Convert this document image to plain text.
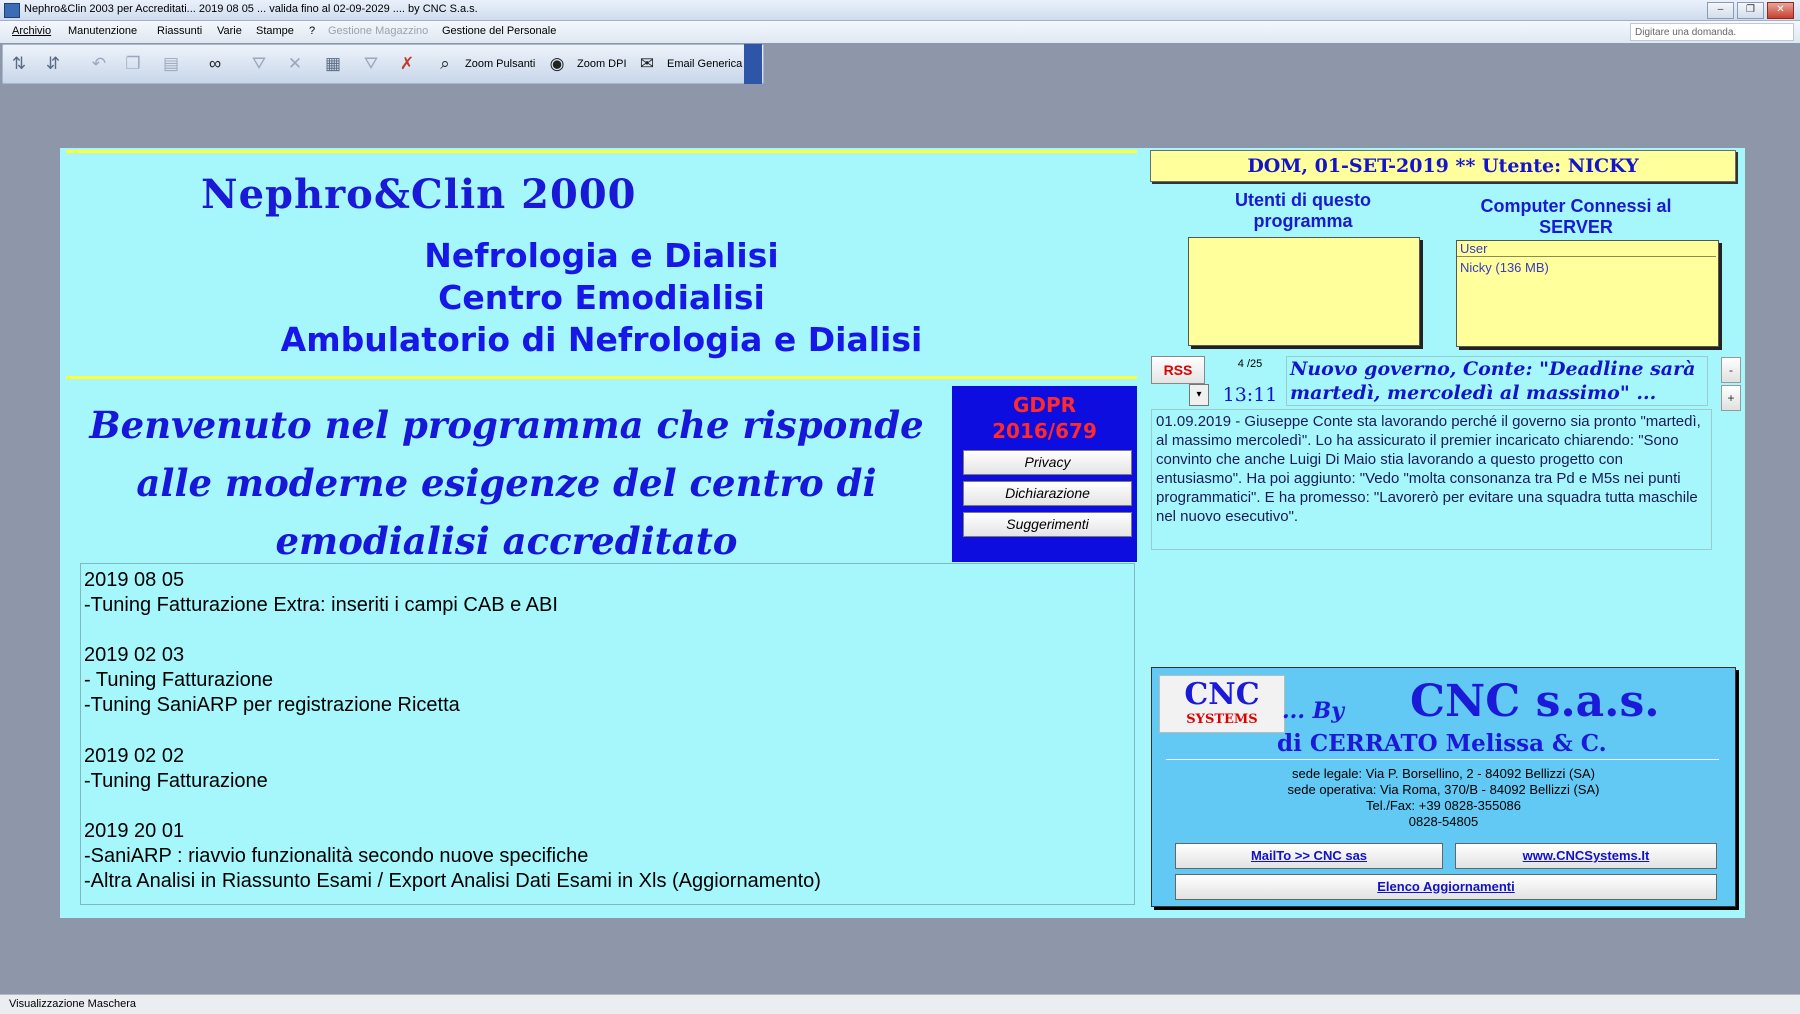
Nephro&Clin 2003 per Accreditati... 2019 08 05 ... valida fino al 02-09-2029 .... by CNC S.a.s.	‒	❐	✕
Archivio Manutenzione Riassunti Varie Stampe ? Gestione Magazzino Gestione del Personale	Digitare una domanda.
⇅ ⇵ ↶ ❐ ▤	∞	⛛ ✕ ▦ ⛛ ✗	⌕	Zoom Pulsanti ◉	Zoom DPI ✉	Email Generica
Nephro&Clin 2000
Nefrologia e Dialisi
Centro Emodialisi
Ambulatorio di Nefrologia e Dialisi
Benvenuto nel programma che risponde alle moderne esigenze del centro di emodialisi accreditato
GDPR
2016/679
Privacy
Dichiarazione
Suggerimenti
2019 08 05
-Tuning Fatturazione Extra: inseriti i campi CAB e ABI
2019 02 03
- Tuning Fatturazione
-Tuning SaniARP per registrazione Ricetta
2019 02 02
-Tuning Fatturazione
2019 20 01
-SaniARP : riavvio funzionalità secondo nuove specifiche
-Altra Analisi in Riassunto Esami / Export Analisi Dati Esami in Xls (Aggiornamento)
DOM, 01-SET-2019 ** Utente: NICKY
Utenti di questo programma
Computer Connessi al SERVER
User
Nicky (136 MB)
RSS
▾
4 /25
13:11
Nuovo governo, Conte: "Deadline sarà martedì, mercoledì al massimo" ...
-
+
01.09.2019 - Giuseppe Conte sta lavorando perché il governo sia pronto "martedì, al massimo mercoledì". Lo ha assicurato il premier incaricato chiarendo: "Sono convinto che anche Luigi Di Maio stia lavorando a questo progetto con entusiasmo". Ha poi aggiunto: "Vedo "molta consonanza tra Pd e M5s nei punti programmatici". E ha promesso: "Lavorerò per evitare una squadra tutta maschile nel nuovo esecutivo".
CNC
SYSTEMS	... By CNC s.a.s.
di CERRATO Melissa & C.
sede legale: Via P. Borsellino, 2 - 84092 Bellizzi (SA)
sede operativa: Via Roma, 370/B - 84092 Bellizzi (SA)
Tel./Fax: +39 0828-355086
0828-54805
MailTo >> CNC sas	www.CNCSystems.It
Elenco Aggiornamenti
Visualizzazione Maschera
